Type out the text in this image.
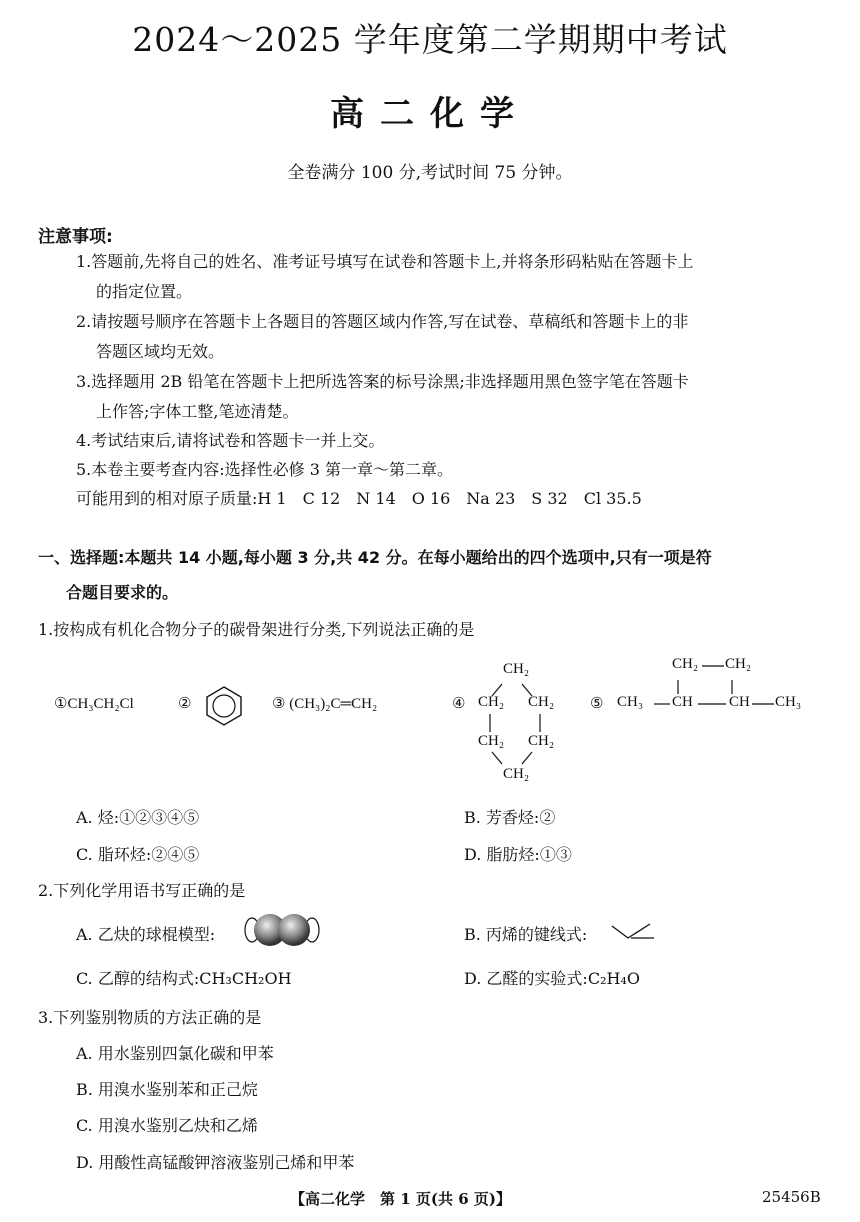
2024～2025 学年度第二学期期中考试
高二化学
全卷满分 100 分,考试时间 75 分钟。
注意事项:
1.答题前,先将自己的姓名、准考证号填写在试卷和答题卡上,并将条形码粘贴在答题卡上
的指定位置。
2.请按题号顺序在答题卡上各题目的答题区域内作答,写在试卷、草稿纸和答题卡上的非
答题区域均无效。
3.选择题用 2B 铅笔在答题卡上把所选答案的标号涂黑;非选择题用黑色签字笔在答题卡
上作答;字体工整,笔迹清楚。
4.考试结束后,请将试卷和答题卡一并上交。
5.本卷主要考查内容:选择性必修 3 第一章～第二章。
可能用到的相对原子质量:H 1　C 12　N 14　O 16　Na 23　S 32　Cl 35.5
一、选择题:本题共 14 小题,每小题 3 分,共 42 分。在每小题给出的四个选项中,只有一项是符
合题目要求的。
1.按构成有机化合物分子的碳骨架进行分类,下列说法正确的是
①CH₃CH₂Cl	②	③ (CH₃)₂C═CH₂	④
CH₂
CH₂ CH₂
CH₂ CH₂
CH₂
⑤ CH₃ CH CH CH₃
CH₂ CH₂
A. 烃:①②③④⑤	B. 芳香烃:②
C. 脂环烃:②④⑤	D. 脂肪烃:①③
2.下列化学用语书写正确的是
A. 乙炔的球棍模型:	B. 丙烯的键线式:
C. 乙醇的结构式:CH₃CH₂OH	D. 乙醛的实验式:C₂H₄O
3.下列鉴别物质的方法正确的是
A. 用水鉴别四氯化碳和甲苯
B. 用溴水鉴别苯和正己烷
C. 用溴水鉴别乙炔和乙烯
D. 用酸性高锰酸钾溶液鉴别己烯和甲苯
【高二化学　第 1 页(共 6 页)】	25456B
